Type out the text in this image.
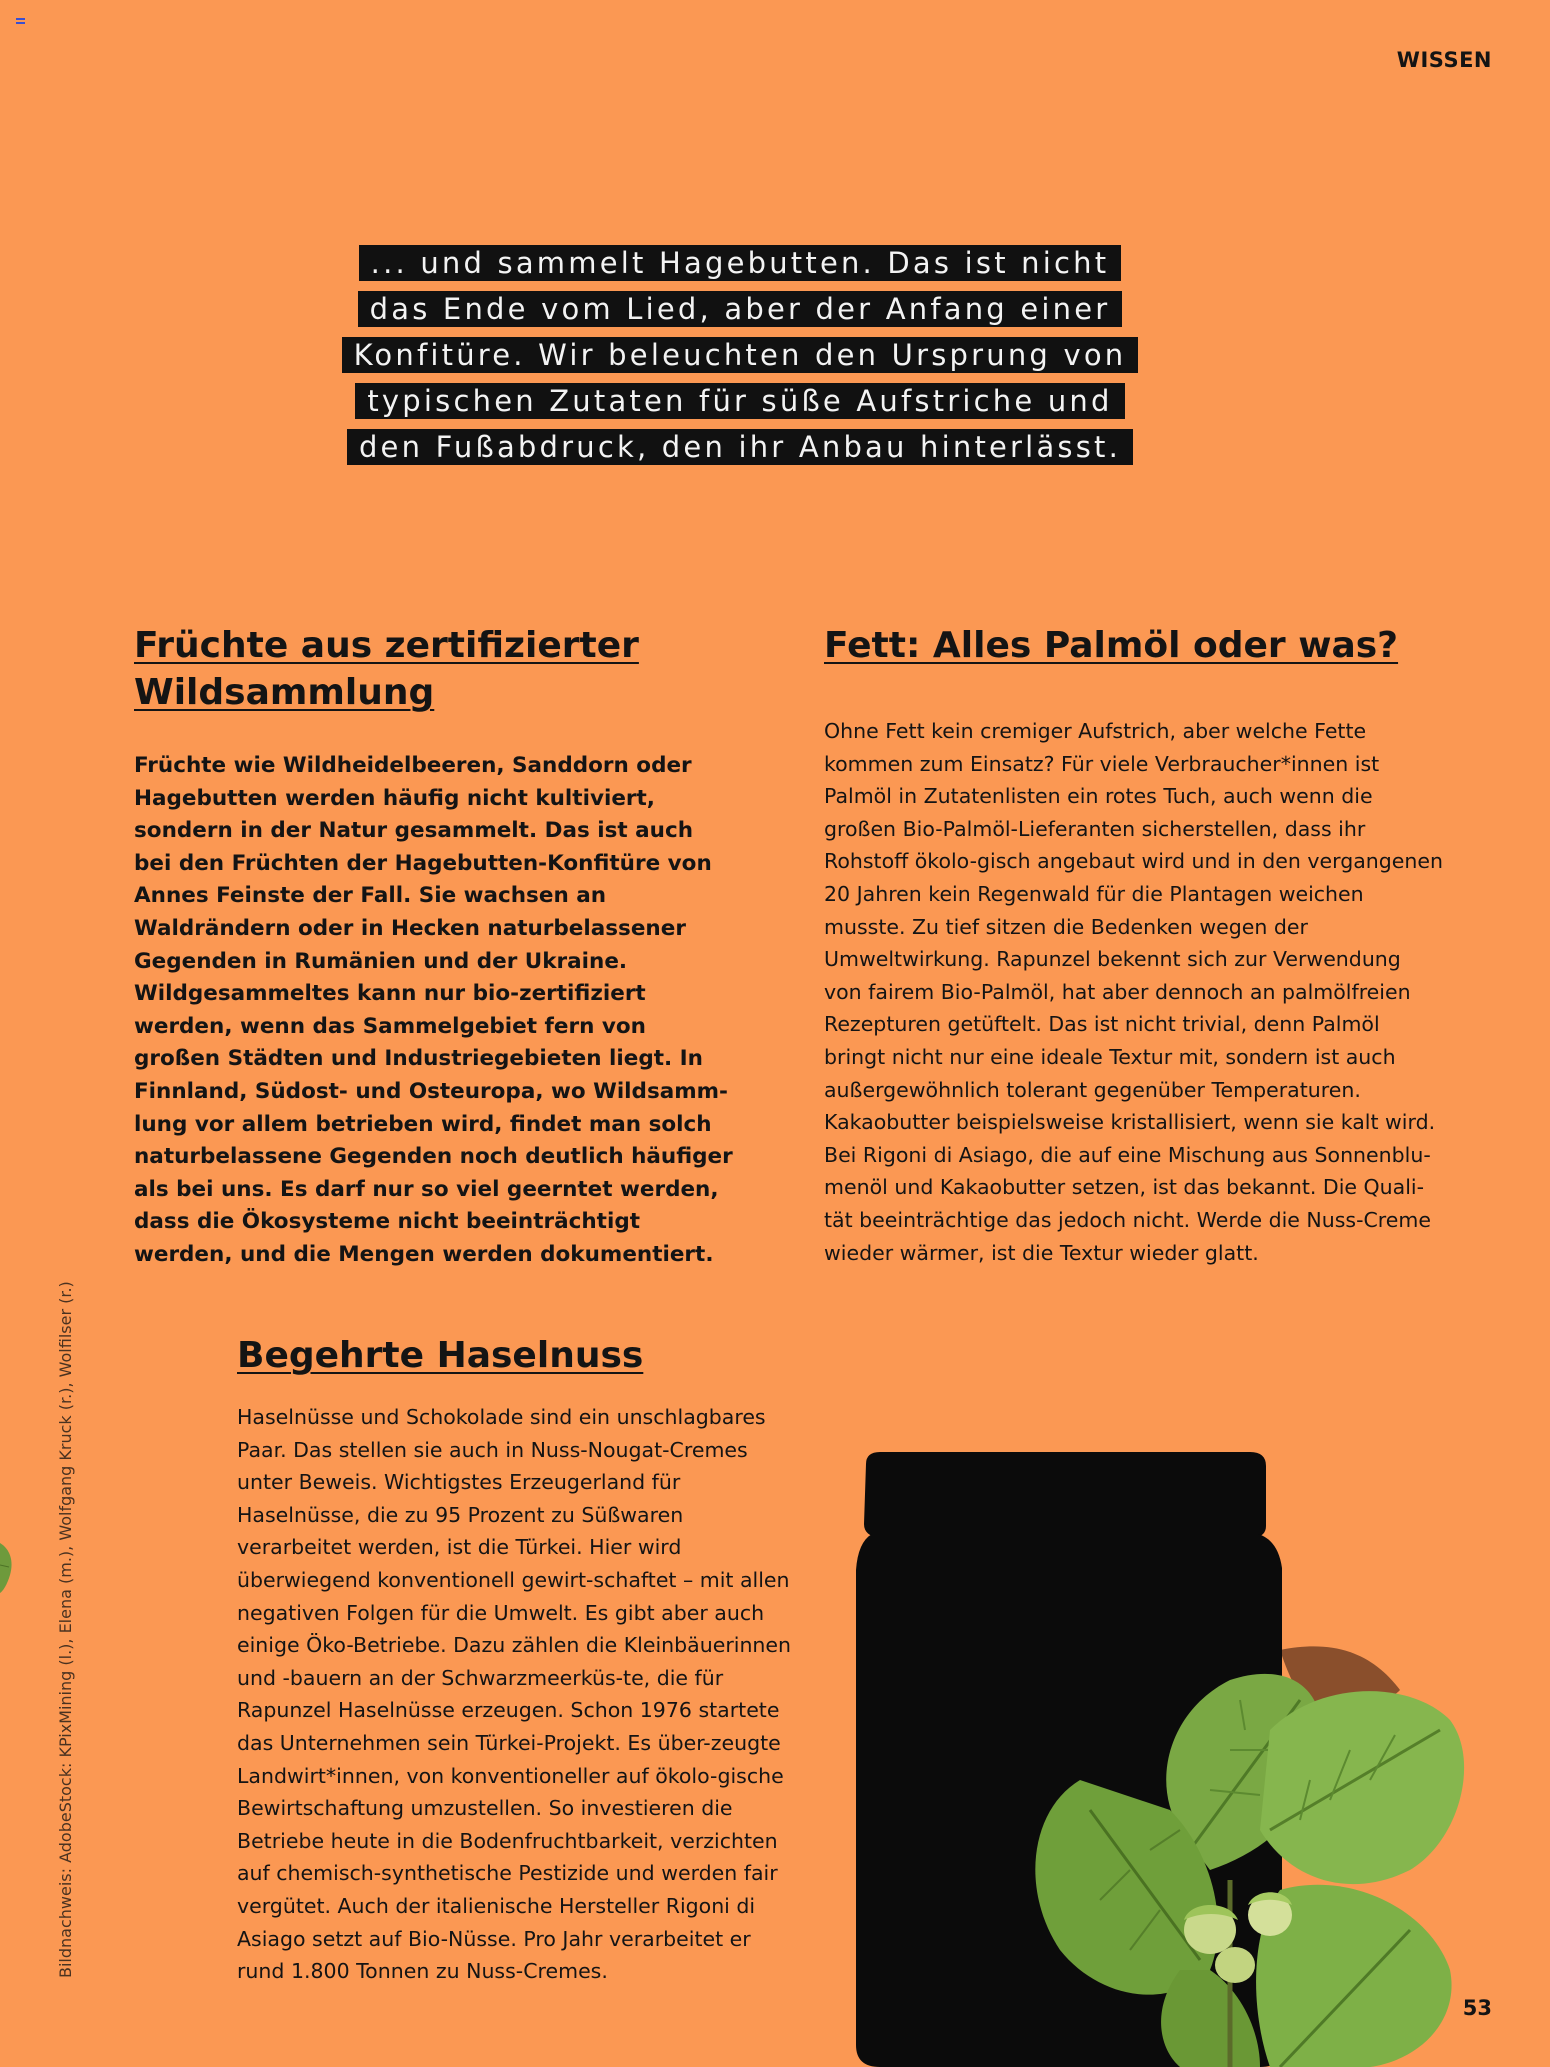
WISSEN
... und sammelt Hagebutten. Das ist nicht
das Ende vom Lied, aber der Anfang einer
Konfitüre. Wir beleuchten den Ursprung von
typischen Zutaten für süße Aufstriche und
den Fußabdruck, den ihr Anbau hinterlässt.
Früchte aus zertifizierter
Wildsammlung

Früchte wie Wildheidelbeeren, Sanddorn oder Hagebutten werden häufig nicht kultiviert, sondern in der Natur gesammelt. Das ist auch bei den Früchten der Hagebutten-Konfitüre von Annes Feinste der Fall. Sie wachsen an Waldrändern oder in Hecken naturbelassener Gegenden in Rumänien und der Ukraine. Wildgesammeltes kann nur bio-zertifiziert werden, wenn das Sammelgebiet fern von großen Städten und Industriegebieten liegt. In Finnland, Südost- und Osteuropa, wo Wildsamm-lung vor allem betrieben wird, findet man solch naturbelassene Gegenden noch deutlich häufiger als bei uns. Es darf nur so viel geerntet werden, dass die Ökosysteme nicht beeinträchtigt werden, und die Mengen werden dokumentiert.

Fett: Alles Palmöl oder was?

Ohne Fett kein cremiger Aufstrich, aber welche Fette kommen zum Einsatz? Für viele Verbraucher*innen ist Palmöl in Zutatenlisten ein rotes Tuch, auch wenn die großen Bio-Palmöl-Lieferanten sicherstellen, dass ihr Rohstoff ökolo-gisch angebaut wird und in den vergangenen 20 Jahren kein Regenwald für die Plantagen weichen musste. Zu tief sitzen die Bedenken wegen der Umweltwirkung. Rapunzel bekennt sich zur Verwendung von fairem Bio-Palmöl, hat aber dennoch an palmölfreien Rezepturen getüftelt. Das ist nicht trivial, denn Palmöl bringt nicht nur eine ideale Textur mit, sondern ist auch außergewöhnlich tolerant gegenüber Temperaturen. Kakaobutter beispielsweise kristallisiert, wenn sie kalt wird. Bei Rigoni di Asiago, die auf eine Mischung aus Sonnenblu-menöl und Kakaobutter setzen, ist das bekannt. Die Quali-tät beeinträchtige das jedoch nicht. Werde die Nuss-Creme wieder wärmer, ist die Textur wieder glatt.

Begehrte Haselnuss

Haselnüsse und Schokolade sind ein unschlagbares Paar. Das stellen sie auch in Nuss-Nougat-Cremes unter Beweis. Wichtigstes Erzeugerland für Haselnüsse, die zu 95 Prozent zu Süßwaren verarbeitet werden, ist die Türkei. Hier wird überwiegend konventionell gewirt-schaftet – mit allen negativen Folgen für die Umwelt. Es gibt aber auch einige Öko-Betriebe. Dazu zählen die Kleinbäuerinnen und -bauern an der Schwarzmeerküs-te, die für Rapunzel Haselnüsse erzeugen. Schon 1976 startete das Unternehmen sein Türkei-Projekt. Es über-zeugte Landwirt*innen, von konventioneller auf ökolo-gische Bewirtschaftung umzustellen. So investieren die Betriebe heute in die Bodenfruchtbarkeit, verzichten auf chemisch-synthetische Pestizide und werden fair vergütet. Auch der italienische Hersteller Rigoni di Asiago setzt auf Bio-Nüsse. Pro Jahr verarbeitet er rund 1.800 Tonnen zu Nuss-Cremes.

Bildnachweis: AdobeStock: KPixMining (l.), Elena (m.), Wolfgang Kruck (r.), Wolfilser (r.)
53
